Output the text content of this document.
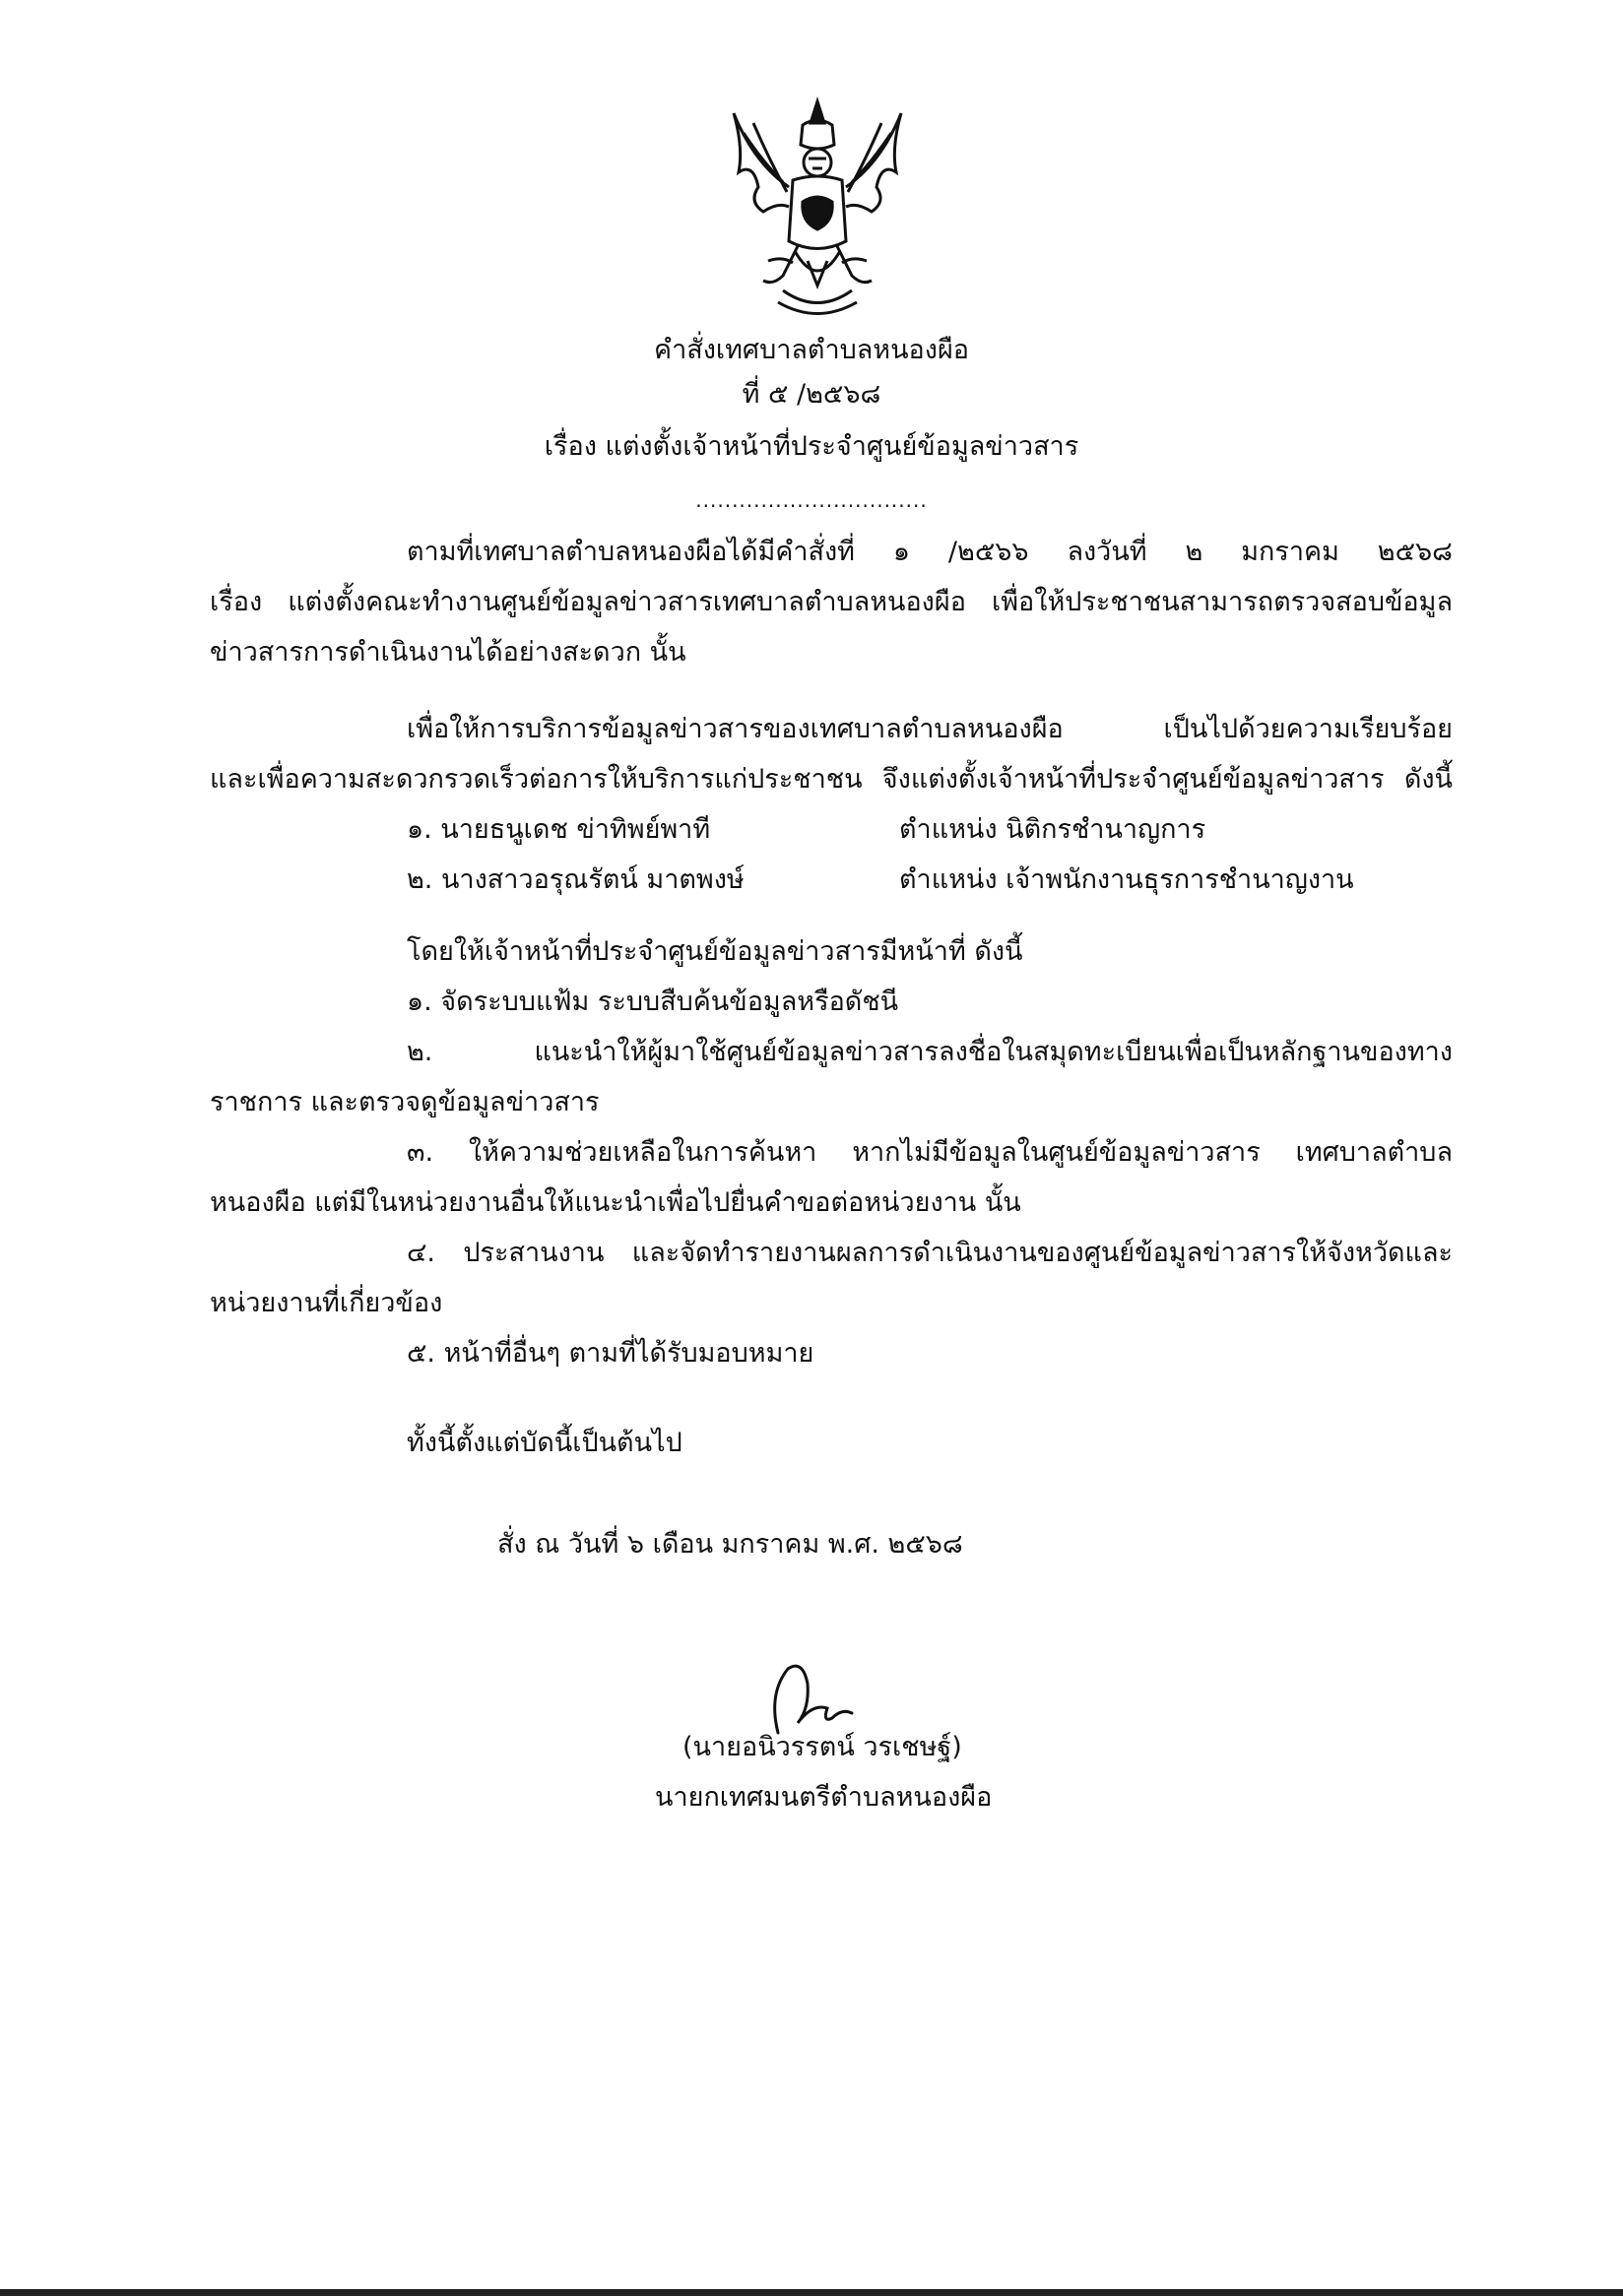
คำสั่งเทศบาลตำบลหนองผือ
ที่ ๕ /๒๕๖๘
เรื่อง แต่งตั้งเจ้าหน้าที่ประจำศูนย์ข้อมูลข่าวสาร
................................
ตามที่เทศบาลตำบลหนองผือได้มีคำสั่งที่ ๑ /๒๕๖๖ ลงวันที่ ๒ มกราคม ๒๕๖๘
เรื่อง แต่งตั้งคณะทำงานศูนย์ข้อมูลข่าวสารเทศบาลตำบลหนองผือ เพื่อให้ประชาชนสามารถตรวจสอบข้อมูล
ข่าวสารการดำเนินงานได้อย่างสะดวก นั้น
เพื่อให้การบริการข้อมูลข่าวสารของเทศบาลตำบลหนองผือ เป็นไปด้วยความเรียบร้อย
และเพื่อความสะดวกรวดเร็วต่อการให้บริการแก่ประชาชน จึงแต่งตั้งเจ้าหน้าที่ประจำศูนย์ข้อมูลข่าวสาร ดังนี้
๑. นายธนูเดช ข่าทิพย์พาที	ตำแหน่ง นิติกรชำนาญการ
๒. นางสาวอรุณรัตน์ มาตพงษ์	ตำแหน่ง เจ้าพนักงานธุรการชำนาญงาน
โดยให้เจ้าหน้าที่ประจำศูนย์ข้อมูลข่าวสารมีหน้าที่ ดังนี้
๑. จัดระบบแฟ้ม ระบบสืบค้นข้อมูลหรือดัชนี
๒. แนะนำให้ผู้มาใช้ศูนย์ข้อมูลข่าวสารลงชื่อในสมุดทะเบียนเพื่อเป็นหลักฐานของทาง
ราชการ และตรวจดูข้อมูลข่าวสาร
๓. ให้ความช่วยเหลือในการค้นหา หากไม่มีข้อมูลในศูนย์ข้อมูลข่าวสาร เทศบาลตำบล
หนองผือ แต่มีในหน่วยงานอื่นให้แนะนำเพื่อไปยื่นคำขอต่อหน่วยงาน นั้น
๔. ประสานงาน และจัดทำรายงานผลการดำเนินงานของศูนย์ข้อมูลข่าวสารให้จังหวัดและ
หน่วยงานที่เกี่ยวข้อง
๕. หน้าที่อื่นๆ ตามที่ได้รับมอบหมาย
ทั้งนี้ตั้งแต่บัดนี้เป็นต้นไป
สั่ง ณ วันที่ ๖ เดือน มกราคม พ.ศ. ๒๕๖๘
(นายอนิวรรตน์ วรเชษฐ์)
นายกเทศมนตรีตำบลหนองผือ
